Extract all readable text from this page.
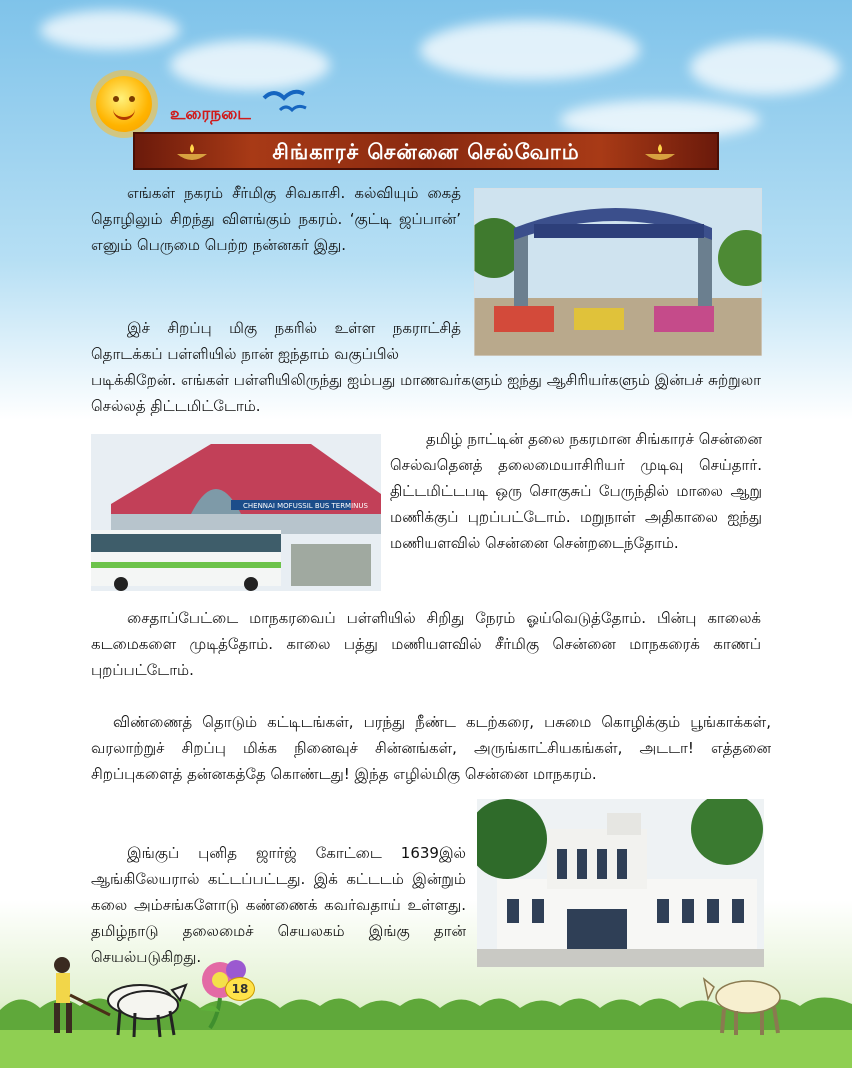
உரைநடை
சிங்காரச் சென்னை செல்வோம்
எங்கள் நகரம் சீர்மிகு சிவகாசி. கல்வியும் கைத் தொழிலும் சிறந்து விளங்கும் நகரம். ‘குட்டி ஜப்பான்’ எனும் பெருமை பெற்ற நன்னகர் இது.
இச் சிறப்பு மிகு நகரில் உள்ள நகராட்சித் தொடக்கப் பள்ளியில் நான் ஐந்தாம் வகுப்பில்
படிக்கிறேன். எங்கள் பள்ளியிலிருந்து ஐம்பது மாணவர்களும் ஐந்து ஆசிரியர்களும் இன்பச் சுற்றுலா செல்லத் திட்டமிட்டோம்.
CHENNAI MOFUSSIL BUS TERMINUS
தமிழ் நாட்டின் தலை நகரமான சிங்காரச் சென்னை செல்வதெனத் தலைமையாசிரியர் முடிவு செய்தார். திட்டமிட்டபடி ஒரு சொகுசுப் பேருந்தில் மாலை ஆறு மணிக்குப் புறப்பட்டோம். மறுநாள் அதிகாலை ஐந்து மணியளவில் சென்னை சென்றடைந்தோம்.
சைதாப்பேட்டை மாநகரவைப் பள்ளியில் சிறிது நேரம் ஓய்வெடுத்தோம். பின்பு காலைக் கடமைகளை முடித்தோம். காலை பத்து மணியளவில் சீர்மிகு சென்னை மாநகரைக் காணப் புறப்பட்டோம்.
விண்ணைத் தொடும் கட்டிடங்கள், பரந்து நீண்ட கடற்கரை, பசுமை கொழிக்கும் பூங்காக்கள், வரலாற்றுச் சிறப்பு மிக்க நினைவுச் சின்னங்கள், அருங்காட்சியகங்கள், அடடா! எத்தனை சிறப்புகளைத் தன்னகத்தே கொண்டது! இந்த எழில்மிகு சென்னை மாநகரம்.
இங்குப் புனித ஜார்ஜ் கோட்டை 1639இல் ஆங்கிலேயரால் கட்டப்பட்டது. இக் கட்டடம் இன்றும் கலை அம்சங்களோடு கண்ணைக் கவர்வதாய் உள்ளது. தமிழ்நாடு தலைமைச் செயலகம் இங்கு தான் செயல்படுகிறது.
18
